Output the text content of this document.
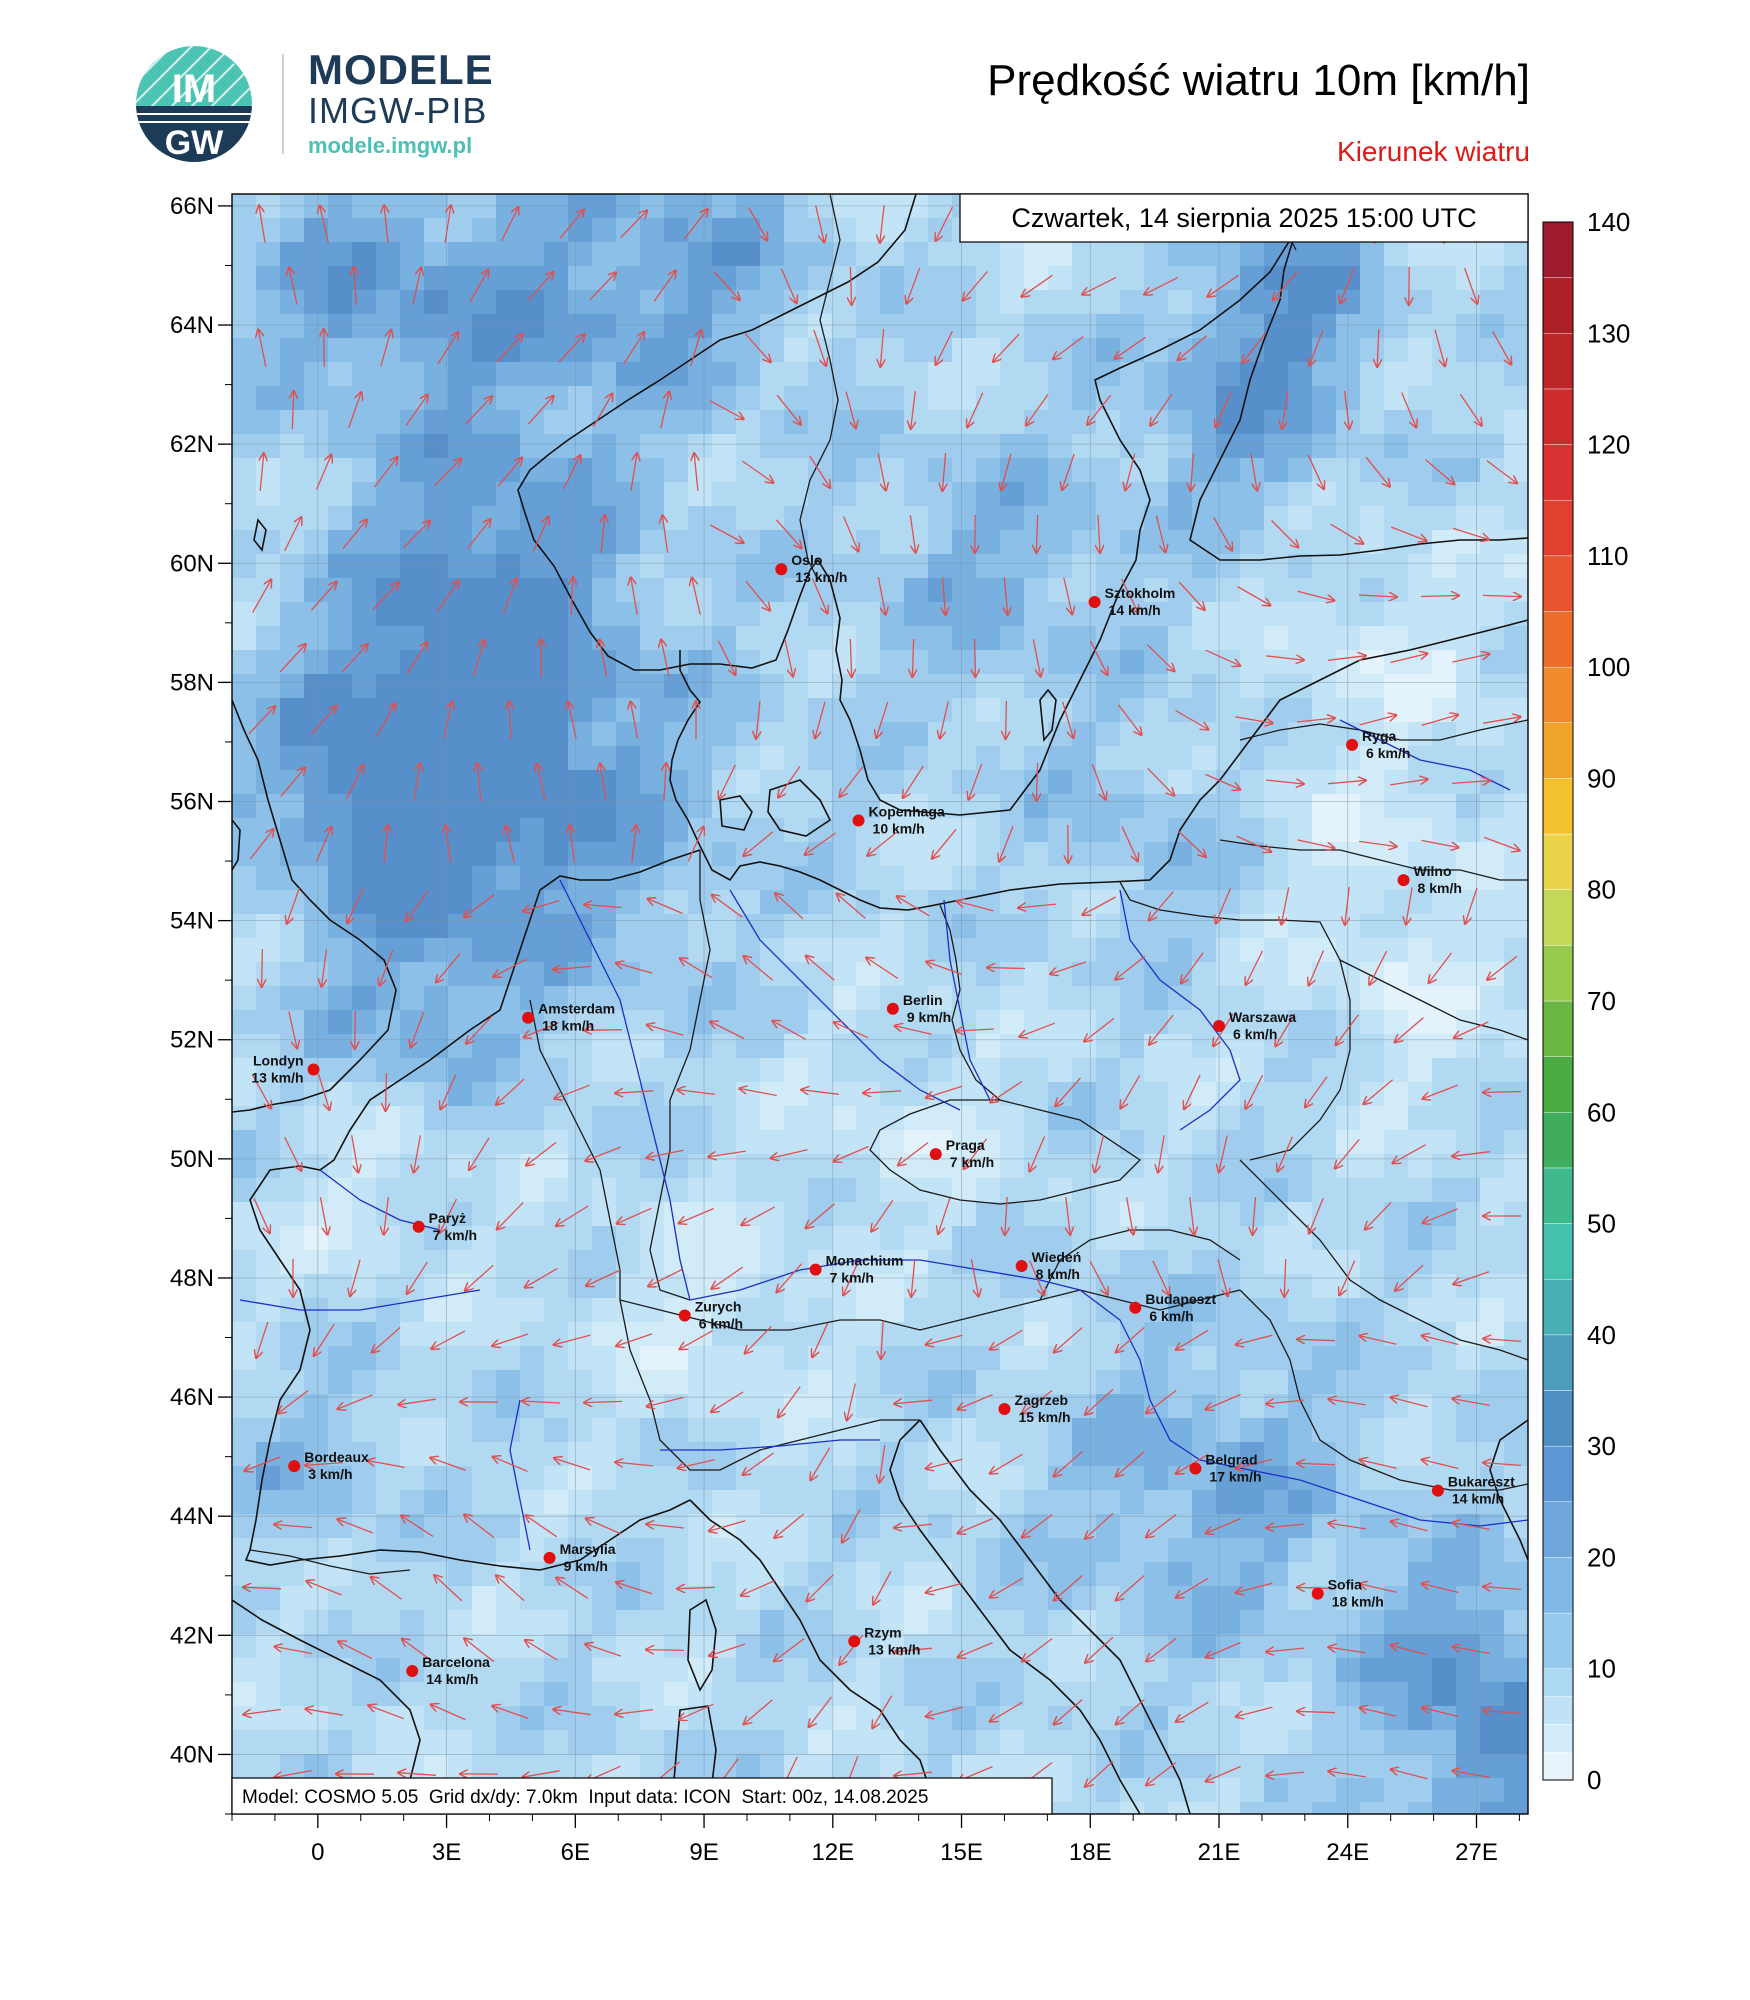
IM
GW
MODELE
IMGW-PIB
modele.imgw.pl
Prędkość wiatru 10m [km/h]
Kierunek wiatru
66N
64N
62N
60N
58N
56N
54N
52N
50N
48N
46N
44N
42N
40N
0	3E	6E	9E	12E	15E	18E	21E	24E	27E
Oslo
13 km/h
Sztokholm
14 km/h
Ryga
6 km/h
Kopenhaga
10 km/h
Wilno
8 km/h
Amsterdam
18 km/h
Berlin
9 km/h	Warszawa
6 km/h
Londyn
13 km/h
Praga
7 km/h
Paryż
7 km/h
Monachium
7 km/h
Wiedeń
8 km/h
Budapeszt
6 km/h
Zurych
6 km/h
Zagrzeb
15 km/h
Bordeaux
3 km/h
Belgrad
17 km/h	Bukareszt
14 km/h
Marsylia
9 km/h
Sofia
18 km/h
Rzym
13 km/h
Barcelona
14 km/h
Czwartek, 14 sierpnia 2025 15:00 UTC
Model: COSMO 5.05  Grid dx/dy: 7.0km  Input data: ICON  Start: 00z, 14.08.2025
140
130
120
110
100
90
80
70
60
50
40
30
20
10
0
